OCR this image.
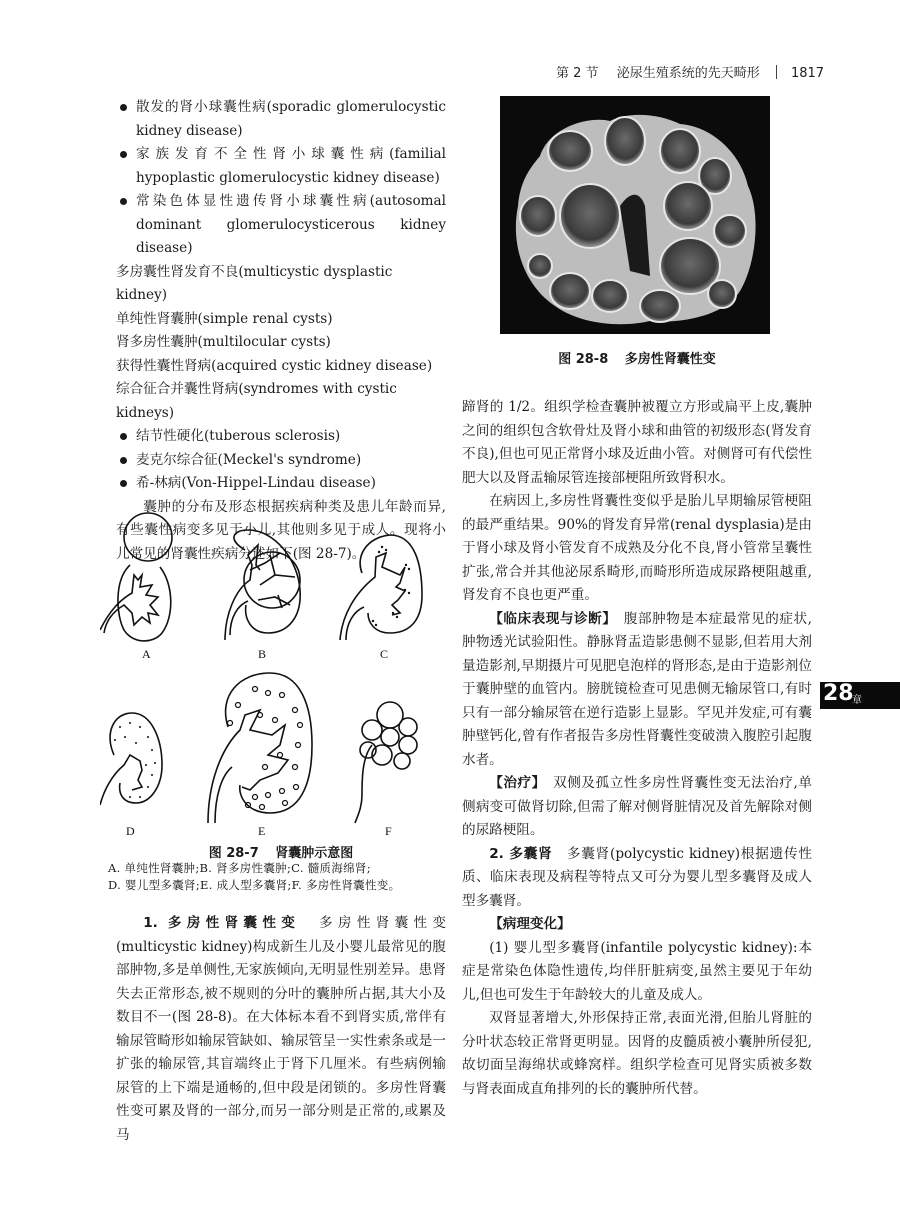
第 2 节 泌尿生殖系统的先天畸形 1817
散发的肾小球囊性病(sporadic glomerulocystic kidney disease)
家族发育不全性肾小球囊性病(familial hypoplastic glomerulocystic kidney disease)
常染色体显性遗传肾小球囊性病(autosomal dominant glomerulocysticerous kidney disease)
多房囊性肾发育不良(multicystic dysplastic kidney)
单纯性肾囊肿(simple renal cysts)
肾多房性囊肿(multilocular cysts)
获得性囊性肾病(acquired cystic kidney disease)
综合征合并囊性肾病(syndromes with cystic kidneys)
结节性硬化(tuberous sclerosis)
麦克尔综合征(Meckel's syndrome)
希-林病(Von-Hippel-Lindau disease)

囊肿的分布及形态根据疾病种类及患儿年龄而异,有些囊性病变多见于小儿,其他则多见于成人。现将小儿常见的肾囊性疾病分述如下(图 28-7)。

A	B	C
D	E	F
图 28-7 肾囊肿示意图
A. 单纯性肾囊肿;B. 肾多房性囊肿;C. 髓质海绵肾;
D. 婴儿型多囊肾;E. 成人型多囊肾;F. 多房性肾囊性变。

1. 多房性肾囊性变　 多房性肾囊性变(multicystic kidney)构成新生儿及小婴儿最常见的腹部肿物,多是单侧性,无家族倾向,无明显性别差异。患肾失去正常形态,被不规则的分叶的囊肿所占据,其大小及数目不一(图 28-8)。在大体标本看不到肾实质,常伴有输尿管畸形如输尿管缺如、输尿管呈一实性索条或是一扩张的输尿管,其盲端终止于肾下几厘米。有些病例输尿管的上下端是通畅的,但中段是闭锁的。多房性肾囊性变可累及肾的一部分,而另一部分则是正常的,或累及马

图 28-8 多房性肾囊性变

蹄肾的 1/2。组织学检查囊肿被覆立方形或扁平上皮,囊肿之间的组织包含软骨灶及肾小球和曲管的初级形态(肾发育不良),但也可见正常肾小球及近曲小管。对侧肾可有代偿性肥大以及肾盂输尿管连接部梗阻所致肾积水。

在病因上,多房性肾囊性变似乎是胎儿早期输尿管梗阻的最严重结果。90%的肾发育异常(renal dysplasia)是由于肾小球及肾小管发育不成熟及分化不良,肾小管常呈囊性扩张,常合并其他泌尿系畸形,而畸形所造成尿路梗阻越重,肾发育不良也更严重。

【临床表现与诊断】　 腹部肿物是本症最常见的症状,肿物透光试验阳性。静脉肾盂造影患侧不显影,但若用大剂量造影剂,早期摄片可见肥皂泡样的肾形态,是由于造影剂位于囊肿壁的血管内。膀胱镜检查可见患侧无输尿管口,有时只有一部分输尿管在逆行造影上显影。罕见并发症,可有囊肿壁钙化,曾有作者报告多房性肾囊性变破溃入腹腔引起腹水者。

【治疗】　 双侧及孤立性多房性肾囊性变无法治疗,单侧病变可做肾切除,但需了解对侧肾脏情况及首先解除对侧的尿路梗阻。

2. 多囊肾　 多囊肾(polycystic kidney)根据遗传性质、临床表现及病程等特点又可分为婴儿型多囊肾及成人型多囊肾。

【病理变化】

(1) 婴儿型多囊肾(infantile polycystic kidney):本症是常染色体隐性遗传,均伴肝脏病变,虽然主要见于年幼儿,但也可发生于年龄较大的儿童及成人。

双肾显著增大,外形保持正常,表面光滑,但胎儿肾脏的分叶状态较正常肾更明显。因肾的皮髓质被小囊肿所侵犯,故切面呈海绵状或蜂窝样。组织学检查可见肾实质被多数与肾表面成直角排列的长的囊肿所代替。

28
章
